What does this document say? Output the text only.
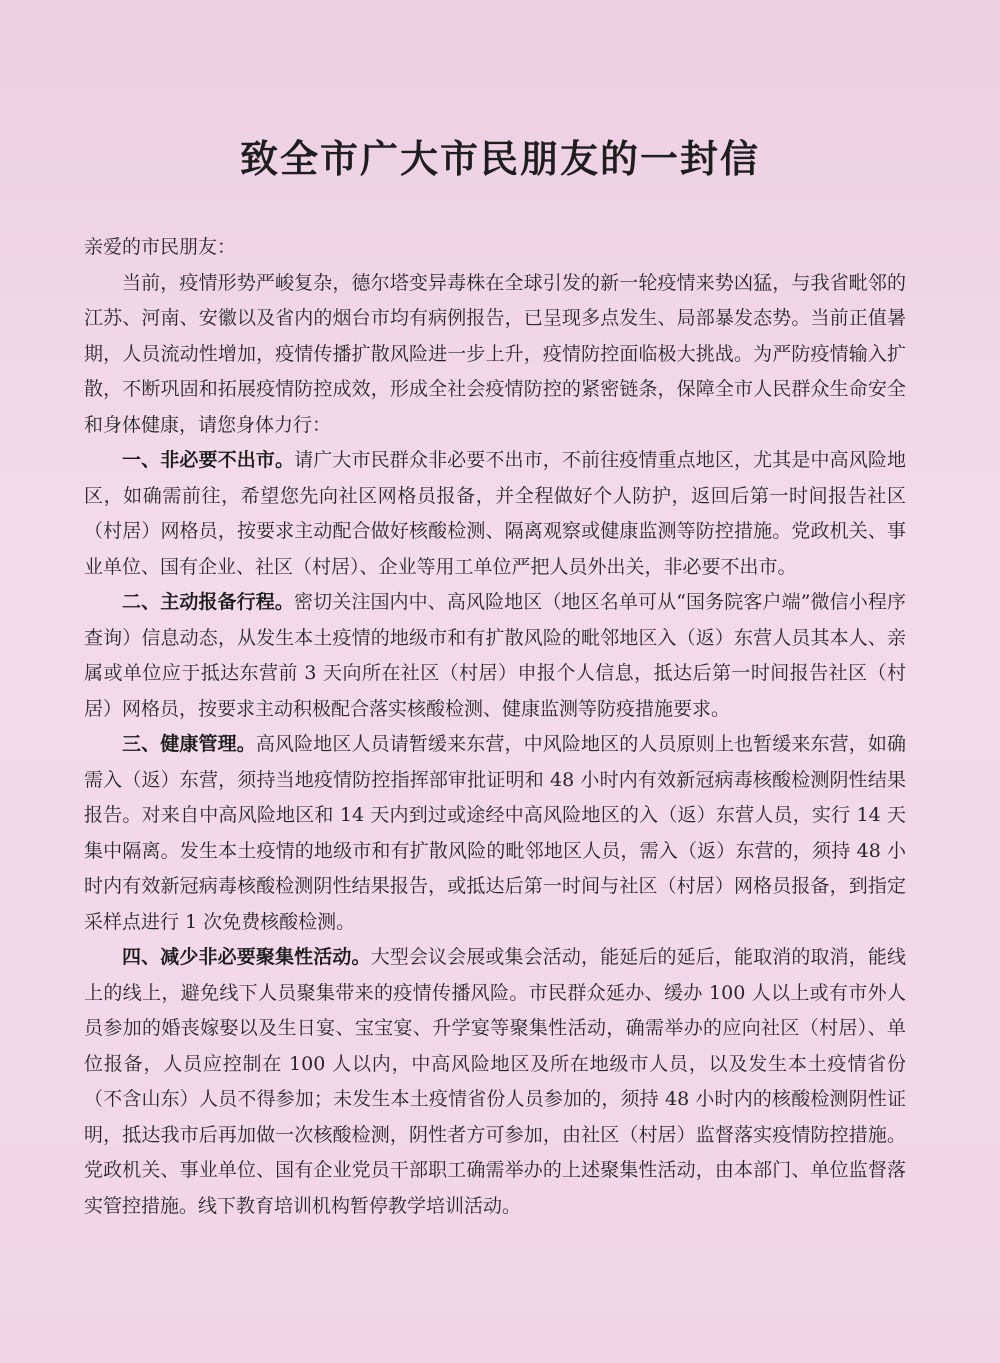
致全市广大市民朋友的一封信

亲爱的市民朋友：

当前，疫情形势严峻复杂，德尔塔变异毒株在全球引发的新一轮疫情来势凶猛，与我省毗邻的江苏、河南、安徽以及省内的烟台市均有病例报告，已呈现多点发生、局部暴发态势。当前正值暑期，人员流动性增加，疫情传播扩散风险进一步上升，疫情防控面临极大挑战。为严防疫情输入扩散，不断巩固和拓展疫情防控成效，形成全社会疫情防控的紧密链条，保障全市人民群众生命安全和身体健康，请您身体力行：

一、非必要不出市。请广大市民群众非必要不出市，不前往疫情重点地区，尤其是中高风险地区，如确需前往，希望您先向社区网格员报备，并全程做好个人防护，返回后第一时间报告社区（村居）网格员，按要求主动配合做好核酸检测、隔离观察或健康监测等防控措施。党政机关、事业单位、国有企业、社区（村居）、企业等用工单位严把人员外出关，非必要不出市。

二、主动报备行程。密切关注国内中、高风险地区（地区名单可从“国务院客户端”微信小程序查询）信息动态，从发生本土疫情的地级市和有扩散风险的毗邻地区入（返）东营人员其本人、亲属或单位应于抵达东营前 3 天向所在社区（村居）申报个人信息，抵达后第一时间报告社区（村居）网格员，按要求主动积极配合落实核酸检测、健康监测等防疫措施要求。

三、健康管理。高风险地区人员请暂缓来东营，中风险地区的人员原则上也暂缓来东营，如确需入（返）东营，须持当地疫情防控指挥部审批证明和 48 小时内有效新冠病毒核酸检测阴性结果报告。对来自中高风险地区和 14 天内到过或途经中高风险地区的入（返）东营人员，实行 14 天集中隔离。发生本土疫情的地级市和有扩散风险的毗邻地区人员，需入（返）东营的，须持 48 小时内有效新冠病毒核酸检测阴性结果报告，或抵达后第一时间与社区（村居）网格员报备，到指定采样点进行 1 次免费核酸检测。

四、减少非必要聚集性活动。大型会议会展或集会活动，能延后的延后，能取消的取消，能线上的线上，避免线下人员聚集带来的疫情传播风险。市民群众延办、缓办 100 人以上或有市外人员参加的婚丧嫁娶以及生日宴、宝宝宴、升学宴等聚集性活动，确需举办的应向社区（村居）、单位报备，人员应控制在 100 人以内，中高风险地区及所在地级市人员，以及发生本土疫情省份（不含山东）人员不得参加；未发生本土疫情省份人员参加的，须持 48 小时内的核酸检测阴性证明，抵达我市后再加做一次核酸检测，阴性者方可参加，由社区（村居）监督落实疫情防控措施。党政机关、事业单位、国有企业党员干部职工确需举办的上述聚集性活动，由本部门、单位监督落实管控措施。线下教育培训机构暂停教学培训活动。
